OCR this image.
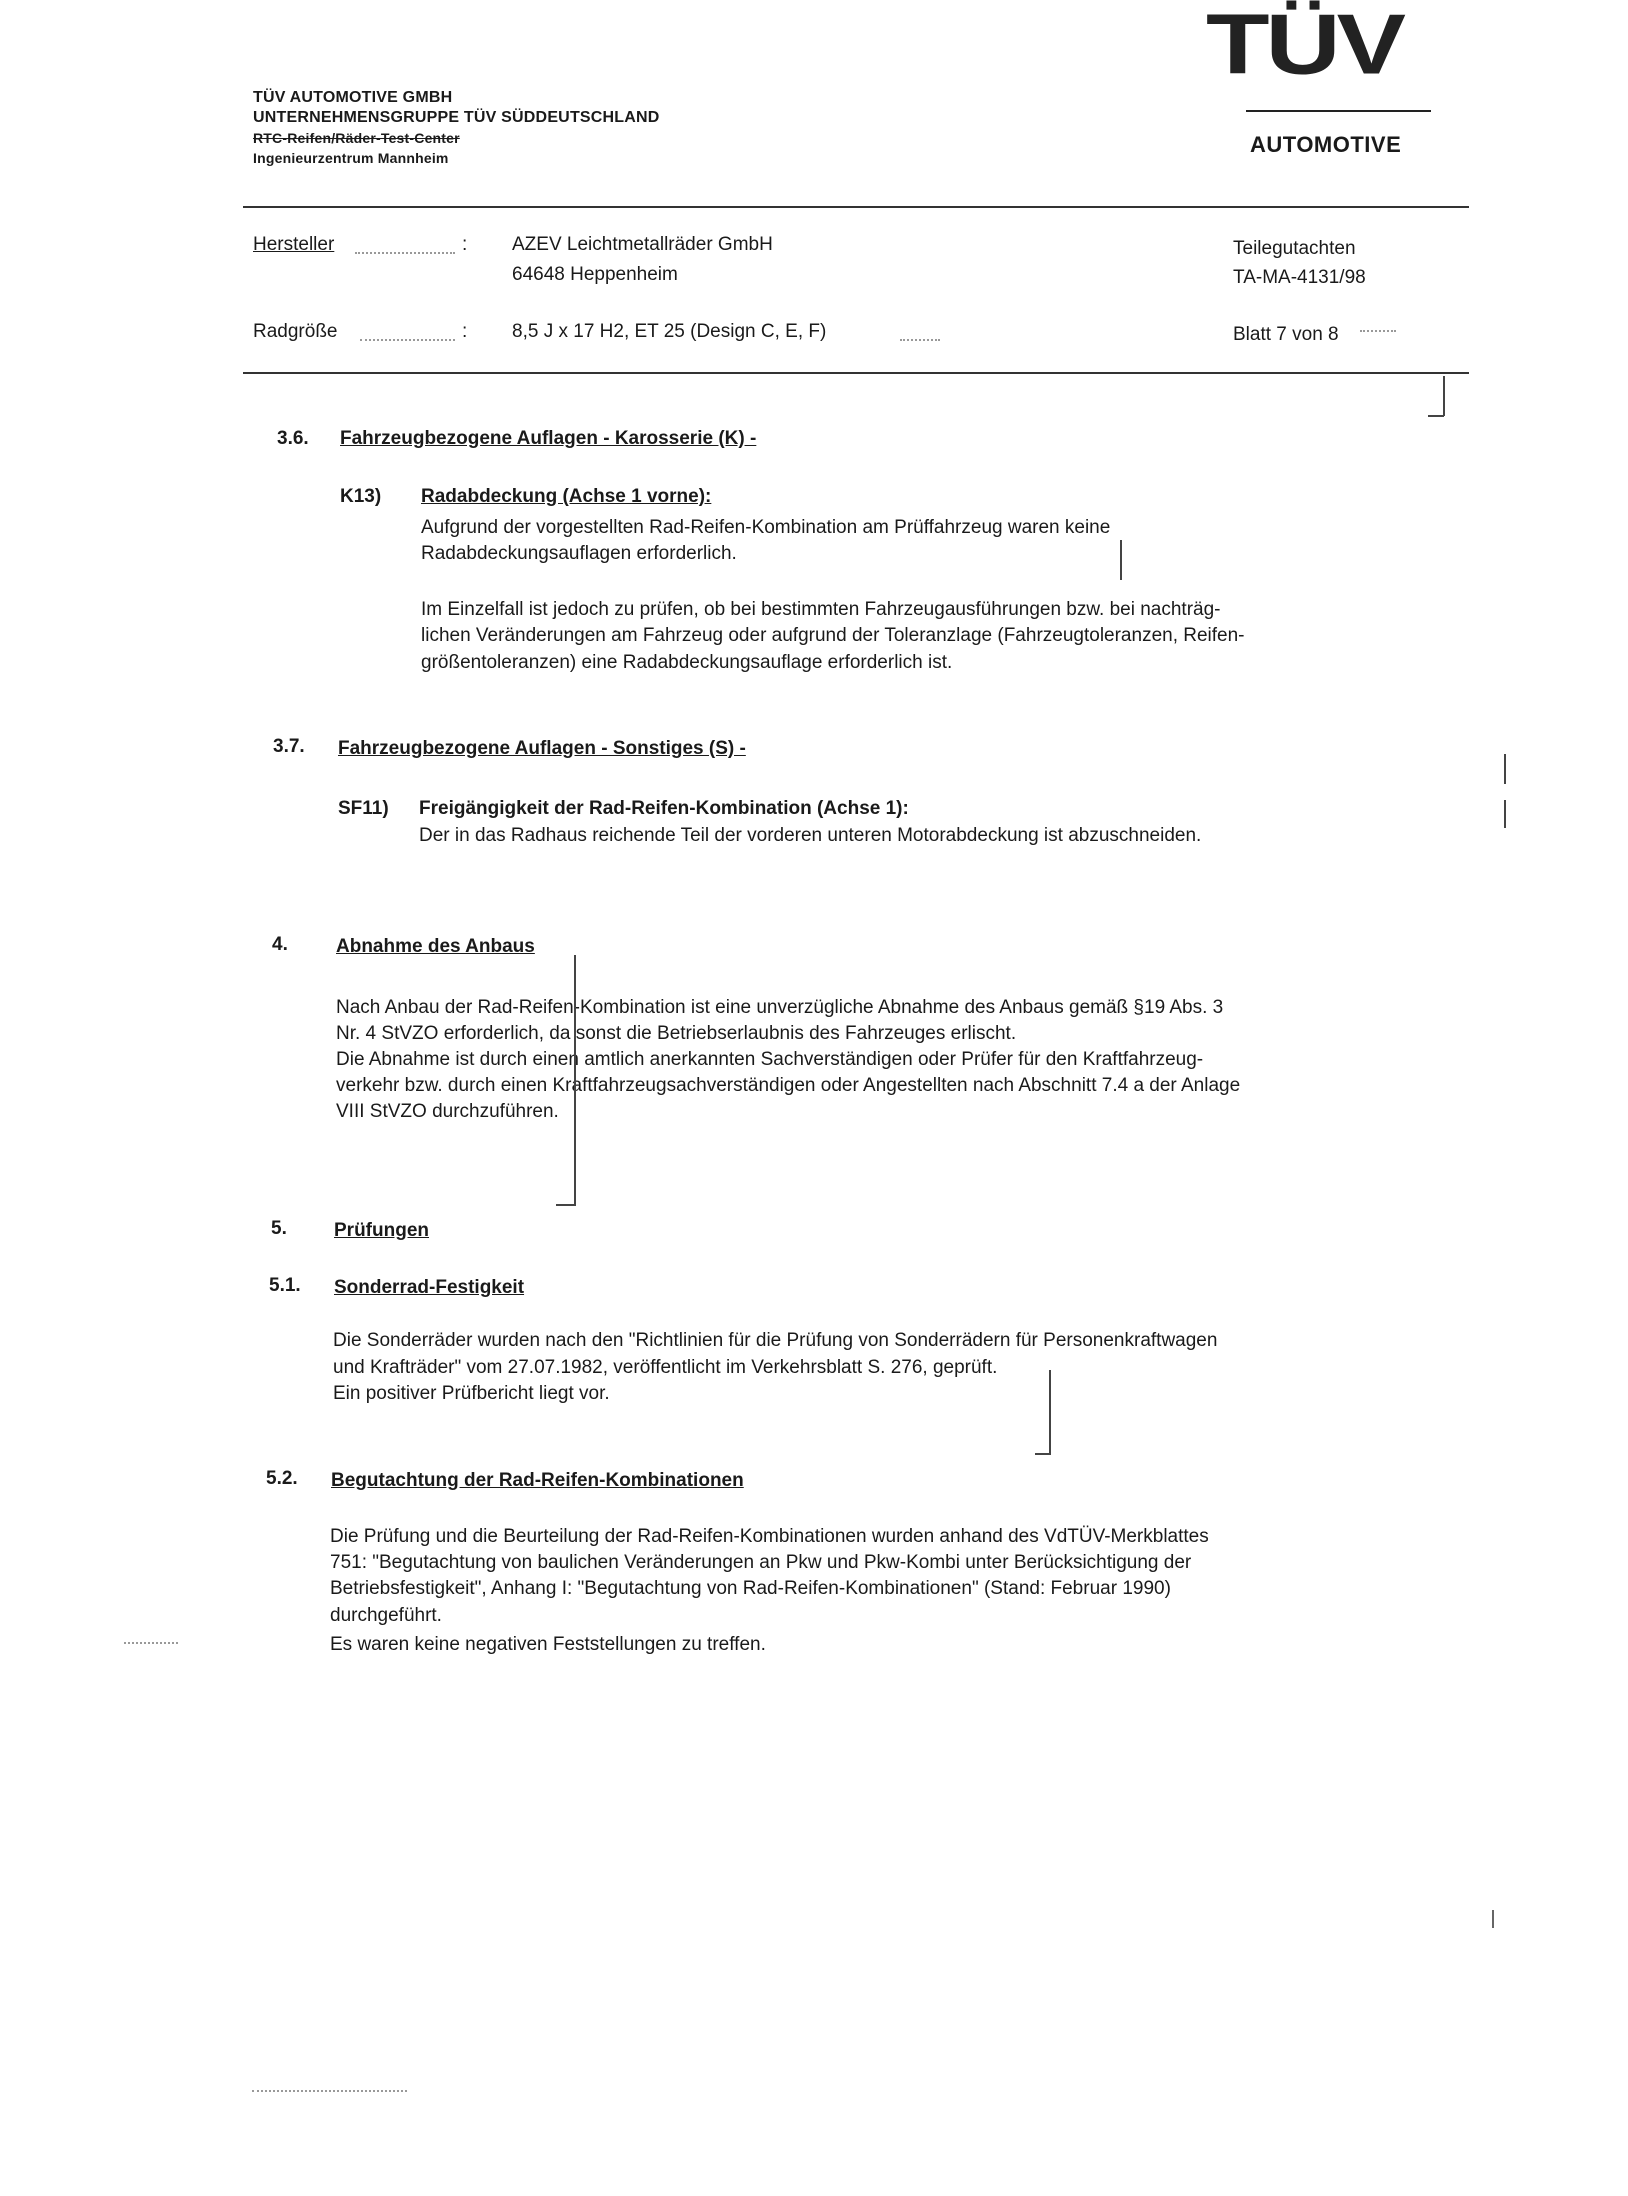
TÜV AUTOMOTIVE GMBH
UNTERNEHMENSGRUPPE TÜV SÜDDEUTSCHLAND
RTC-Reifen/Räder-Test-Center
Ingenieurzentrum Mannheim
TÜV
AUTOMOTIVE
Hersteller	: AZEV Leichtmetallräder GmbH
64648 Heppenheim
Teilegutachten
TA-MA-4131/98
Radgröße	: 8,5 J x 17 H2, ET 25 (Design C, E, F)	Blatt 7 von 8
3.6. Fahrzeugbezogene Auflagen - Karosserie (K) -
K13) Radabdeckung (Achse 1 vorne):
Aufgrund der vorgestellten Rad-Reifen-Kombination am Prüffahrzeug waren keine
Radabdeckungsauflagen erforderlich.
Im Einzelfall ist jedoch zu prüfen, ob bei bestimmten Fahrzeugausführungen bzw. bei nachträg-
lichen Veränderungen am Fahrzeug oder aufgrund der Toleranzlage (Fahrzeugtoleranzen, Reifen-
größentoleranzen) eine Radabdeckungsauflage erforderlich ist.
3.7. Fahrzeugbezogene Auflagen - Sonstiges (S) -
SF11) Freigängigkeit der Rad-Reifen-Kombination (Achse 1):
Der in das Radhaus reichende Teil der vorderen unteren Motorabdeckung ist abzuschneiden.
4.	Abnahme des Anbaus
Nach Anbau der Rad-Reifen-Kombination ist eine unverzügliche Abnahme des Anbaus gemäß §19 Abs. 3
Nr. 4 StVZO erforderlich, da sonst die Betriebserlaubnis des Fahrzeuges erlischt.
Die Abnahme ist durch einen amtlich anerkannten Sachverständigen oder Prüfer für den Kraftfahrzeug-
verkehr bzw. durch einen Kraftfahrzeugsachverständigen oder Angestellten nach Abschnitt 7.4 a der Anlage
VIII StVZO durchzuführen.
5. Prüfungen
5.1. Sonderrad-Festigkeit
Die Sonderräder wurden nach den "Richtlinien für die Prüfung von Sonderrädern für Personenkraftwagen
und Krafträder" vom 27.07.1982, veröffentlicht im Verkehrsblatt S. 276, geprüft.
Ein positiver Prüfbericht liegt vor.
5.2. Begutachtung der Rad-Reifen-Kombinationen
Die Prüfung und die Beurteilung der Rad-Reifen-Kombinationen wurden anhand des VdTÜV-Merkblattes
751: "Begutachtung von baulichen Veränderungen an Pkw und Pkw-Kombi unter Berücksichtigung der
Betriebsfestigkeit", Anhang I: "Begutachtung von Rad-Reifen-Kombinationen" (Stand: Februar 1990)
durchgeführt.
Es waren keine negativen Feststellungen zu treffen.
